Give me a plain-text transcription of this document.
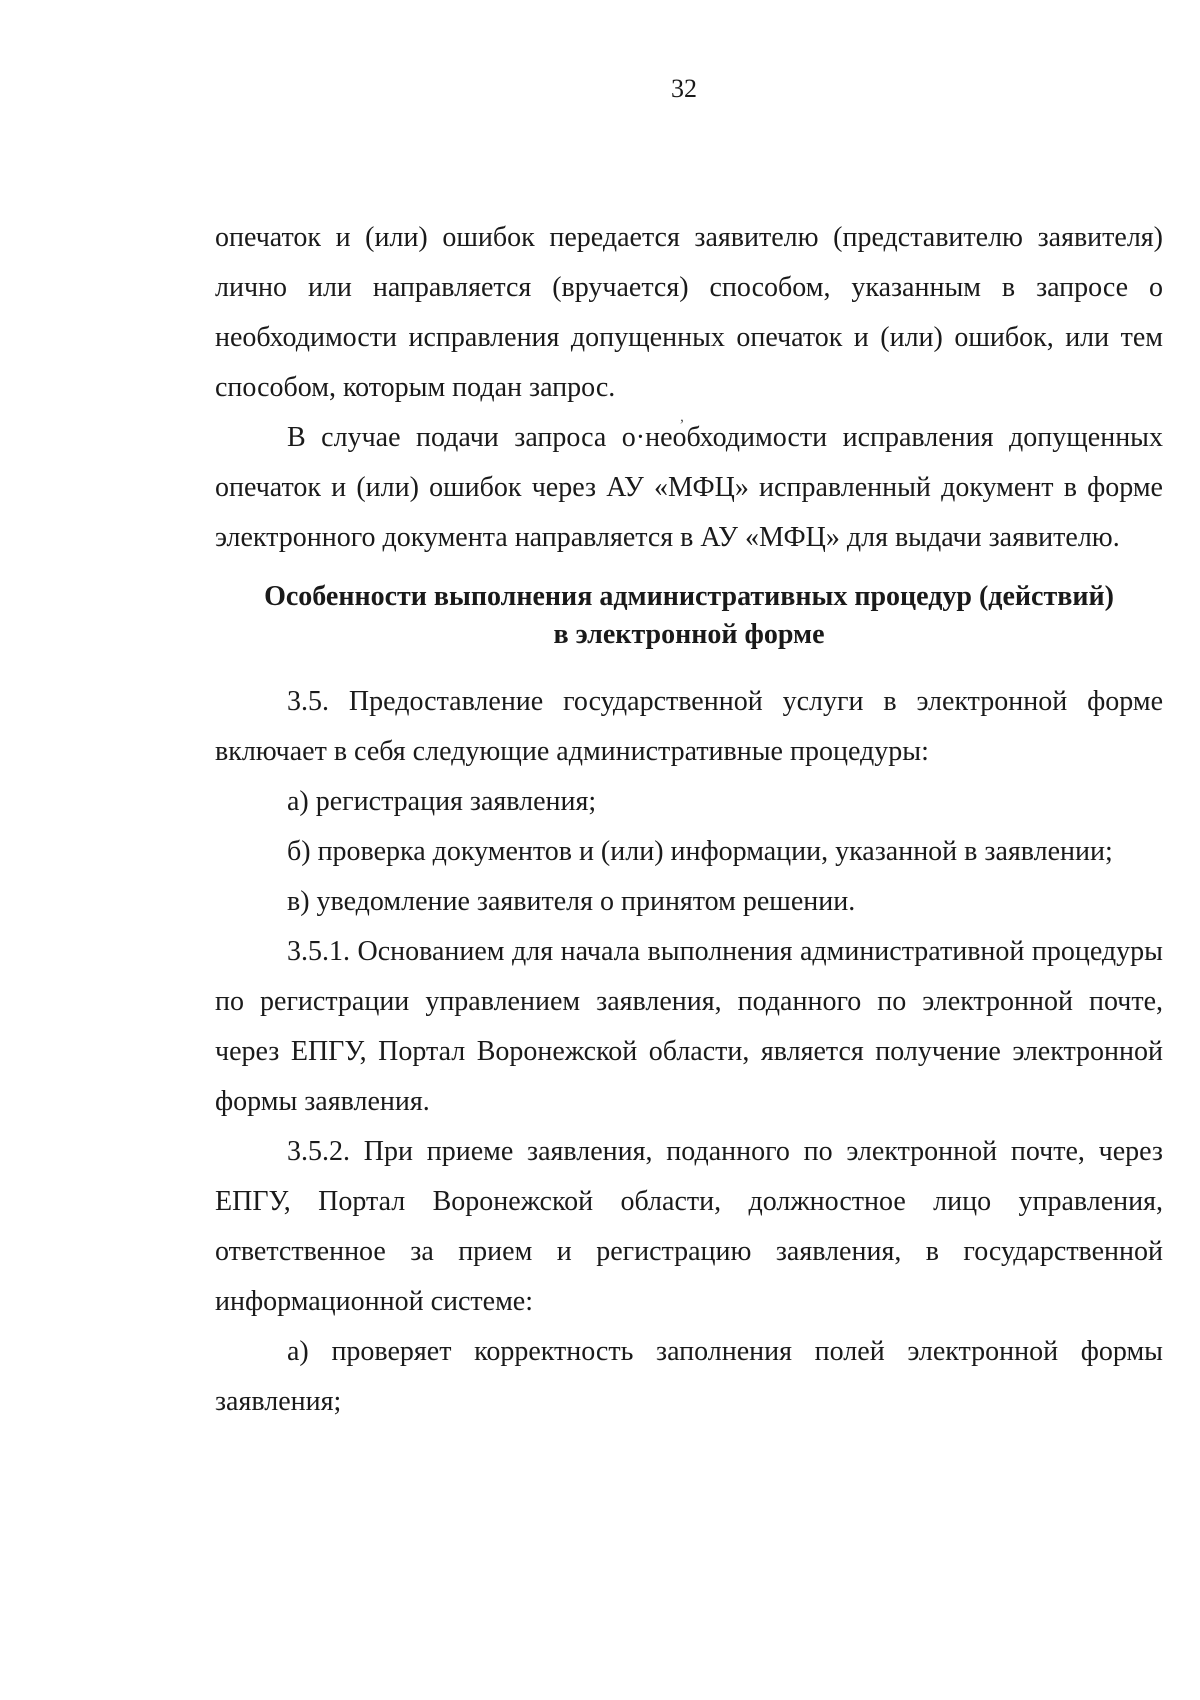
32

опечаток и (или) ошибок передается заявителю (представителю заявителя) лично или направляется (вручается) способом, указанным в запросе о необходимости исправления допущенных опечаток и (или) ошибок, или тем способом, которым подан запрос.

В случае подачи запроса о·необходимости исправления допущенных опечаток и (или) ошибок через АУ «МФЦ» исправленный документ в форме электронного документа направляется в АУ «МФЦ» для выдачи заявителю.

,
Особенности выполнения административных процедур (действий)
в электронной форме

3.5. Предоставление государственной услуги в электронной форме включает в себя следующие административные процедуры:

а) регистрация заявления;

б) проверка документов и (или) информации, указанной в заявлении;

в) уведомление заявителя о принятом решении.

3.5.1. Основанием для начала выполнения административной процедуры по регистрации управлением заявления, поданного по электронной почте, через ЕПГУ, Портал Воронежской области, является получение электронной формы заявления.

3.5.2. При приеме заявления, поданного по электронной почте, через ЕПГУ, Портал Воронежской области, должностное лицо управления, ответственное за прием и регистрацию заявления, в государственной информационной системе:

а) проверяет корректность заполнения полей электронной формы заявления;
